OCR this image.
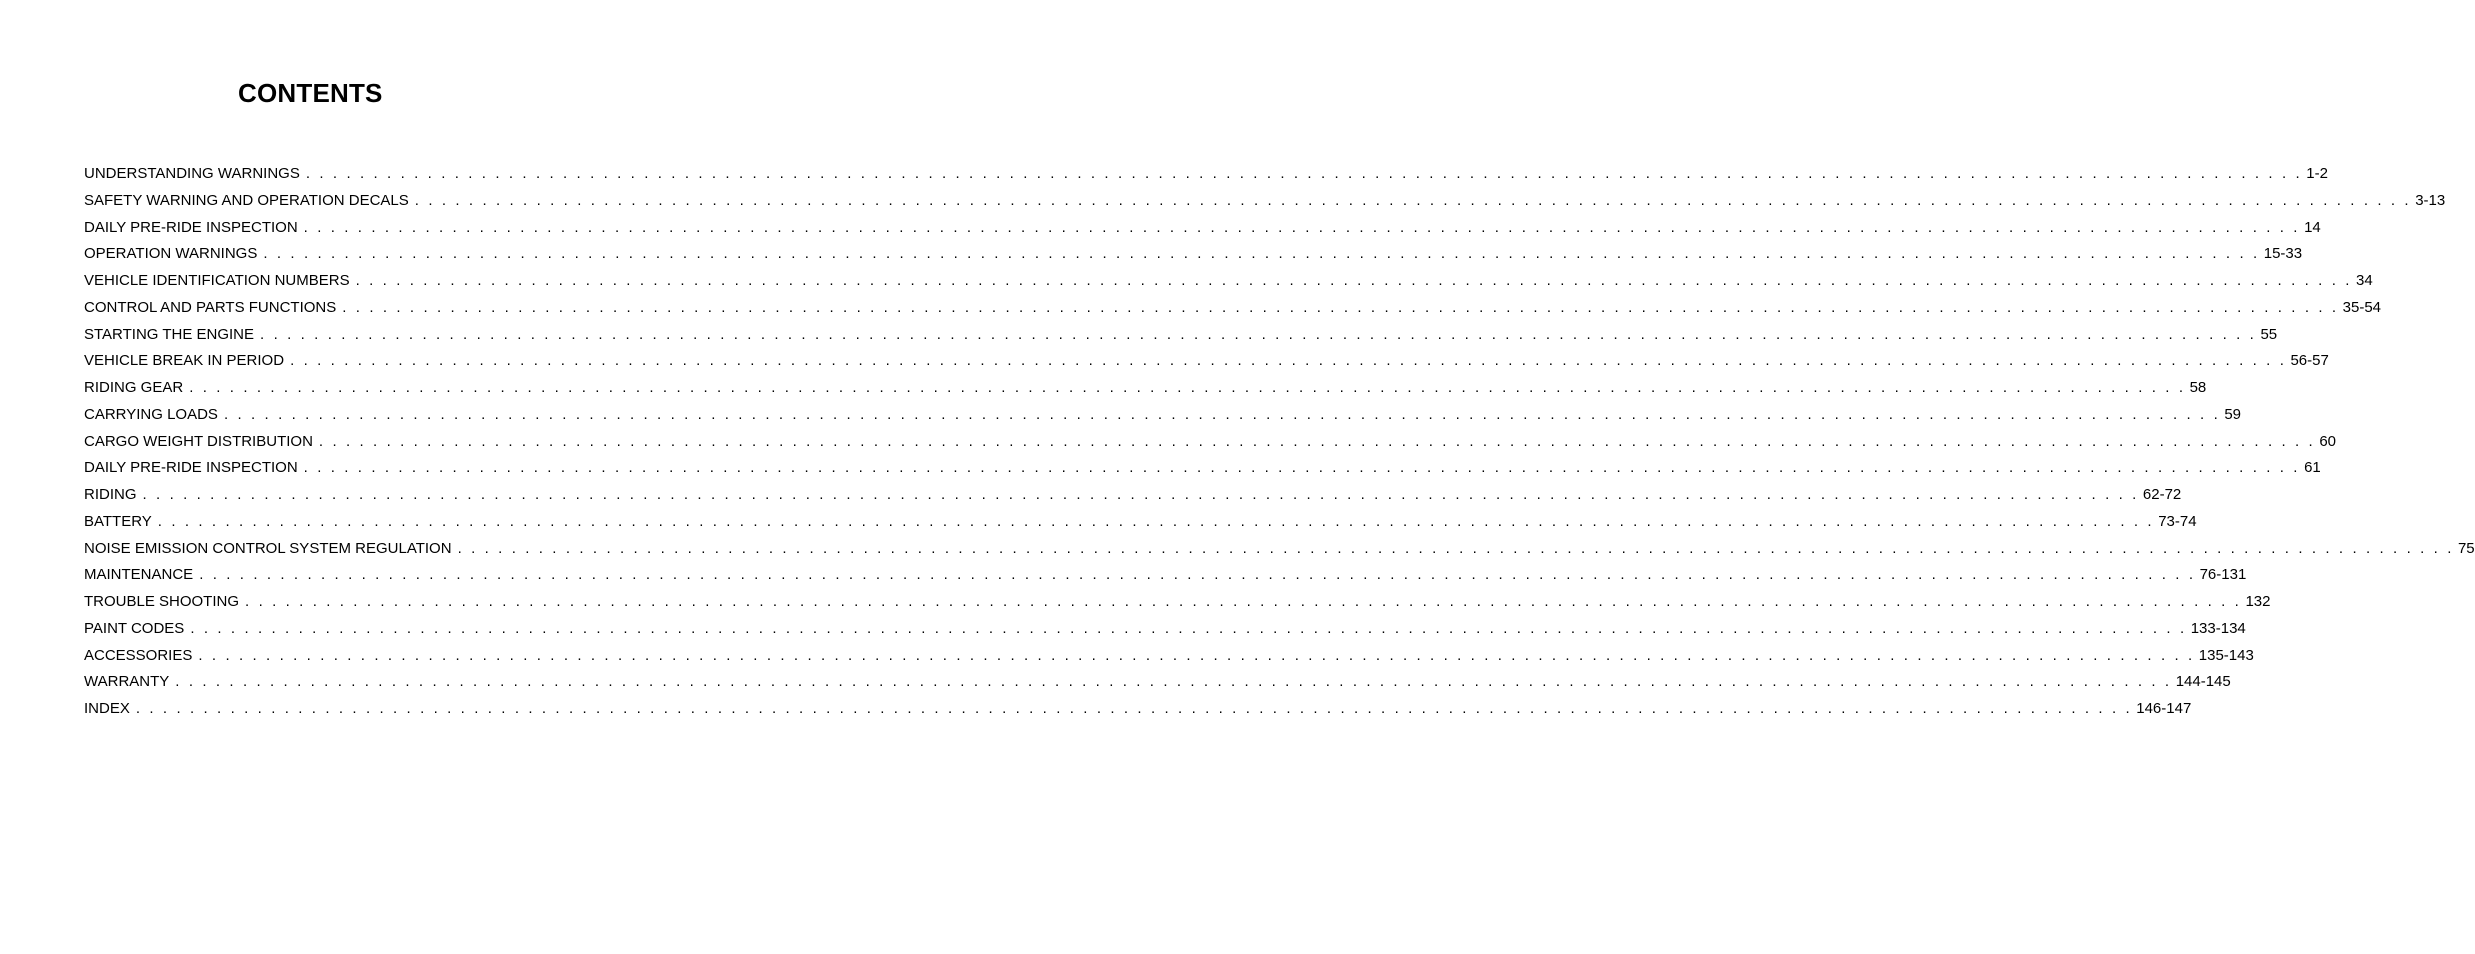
CONTENTS
UNDERSTANDING WARNINGS . . . . . . . . . . . . . . . . . . . . . . . . . . . . . . . . . . . . . . . . . . . . . . . . . . . . . . . . . . . . . . . . . . . . . . . . . . . . . . . . . . . . . . . . . . . . . . . . . . . . . . . . . . . . . . . . . . . . . . . . . . . . . . . . . . . . . . . . . . . . . . . . . . . . 1-2
SAFETY WARNING AND OPERATION DECALS . . . . . . . . . . . . . . . . . . . . . . . . . . . . . . . . . . . . . . . . . . . . . . . . . . . . . . . . . . . . . . . . . . . . . . . . . . . . . . . . . . . . . . . . . . . . . . . . . . . . . . . . . . . . . . . . . . . . . . . . . . . . . . . . . . . . . . . . . . . . . . . . . . . . 3-13
DAILY PRE-RIDE INSPECTION . . . . . . . . . . . . . . . . . . . . . . . . . . . . . . . . . . . . . . . . . . . . . . . . . . . . . . . . . . . . . . . . . . . . . . . . . . . . . . . . . . . . . . . . . . . . . . . . . . . . . . . . . . . . . . . . . . . . . . . . . . . . . . . . . . . . . . . . . . . . . . . . . . . . 14
OPERATION WARNINGS . . . . . . . . . . . . . . . . . . . . . . . . . . . . . . . . . . . . . . . . . . . . . . . . . . . . . . . . . . . . . . . . . . . . . . . . . . . . . . . . . . . . . . . . . . . . . . . . . . . . . . . . . . . . . . . . . . . . . . . . . . . . . . . . . . . . . . . . . . . . . . . . . . . . 15-33
VEHICLE IDENTIFICATION NUMBERS . . . . . . . . . . . . . . . . . . . . . . . . . . . . . . . . . . . . . . . . . . . . . . . . . . . . . . . . . . . . . . . . . . . . . . . . . . . . . . . . . . . . . . . . . . . . . . . . . . . . . . . . . . . . . . . . . . . . . . . . . . . . . . . . . . . . . . . . . . . . . . . . . . . . 34
CONTROL AND PARTS FUNCTIONS . . . . . . . . . . . . . . . . . . . . . . . . . . . . . . . . . . . . . . . . . . . . . . . . . . . . . . . . . . . . . . . . . . . . . . . . . . . . . . . . . . . . . . . . . . . . . . . . . . . . . . . . . . . . . . . . . . . . . . . . . . . . . . . . . . . . . . . . . . . . . . . . . . . . 35-54
STARTING THE ENGINE . . . . . . . . . . . . . . . . . . . . . . . . . . . . . . . . . . . . . . . . . . . . . . . . . . . . . . . . . . . . . . . . . . . . . . . . . . . . . . . . . . . . . . . . . . . . . . . . . . . . . . . . . . . . . . . . . . . . . . . . . . . . . . . . . . . . . . . . . . . . . . . . . . . . 55
VEHICLE BREAK IN PERIOD . . . . . . . . . . . . . . . . . . . . . . . . . . . . . . . . . . . . . . . . . . . . . . . . . . . . . . . . . . . . . . . . . . . . . . . . . . . . . . . . . . . . . . . . . . . . . . . . . . . . . . . . . . . . . . . . . . . . . . . . . . . . . . . . . . . . . . . . . . . . . . . . . . . . 56-57
RIDING GEAR . . . . . . . . . . . . . . . . . . . . . . . . . . . . . . . . . . . . . . . . . . . . . . . . . . . . . . . . . . . . . . . . . . . . . . . . . . . . . . . . . . . . . . . . . . . . . . . . . . . . . . . . . . . . . . . . . . . . . . . . . . . . . . . . . . . . . . . . . . . . . . . . . . . . 58
CARRYING LOADS . . . . . . . . . . . . . . . . . . . . . . . . . . . . . . . . . . . . . . . . . . . . . . . . . . . . . . . . . . . . . . . . . . . . . . . . . . . . . . . . . . . . . . . . . . . . . . . . . . . . . . . . . . . . . . . . . . . . . . . . . . . . . . . . . . . . . . . . . . . . . . . . . . . . 59
CARGO WEIGHT DISTRIBUTION . . . . . . . . . . . . . . . . . . . . . . . . . . . . . . . . . . . . . . . . . . . . . . . . . . . . . . . . . . . . . . . . . . . . . . . . . . . . . . . . . . . . . . . . . . . . . . . . . . . . . . . . . . . . . . . . . . . . . . . . . . . . . . . . . . . . . . . . . . . . . . . . . . . . 60
DAILY PRE-RIDE INSPECTION . . . . . . . . . . . . . . . . . . . . . . . . . . . . . . . . . . . . . . . . . . . . . . . . . . . . . . . . . . . . . . . . . . . . . . . . . . . . . . . . . . . . . . . . . . . . . . . . . . . . . . . . . . . . . . . . . . . . . . . . . . . . . . . . . . . . . . . . . . . . . . . . . . . . 61
RIDING . . . . . . . . . . . . . . . . . . . . . . . . . . . . . . . . . . . . . . . . . . . . . . . . . . . . . . . . . . . . . . . . . . . . . . . . . . . . . . . . . . . . . . . . . . . . . . . . . . . . . . . . . . . . . . . . . . . . . . . . . . . . . . . . . . . . . . . . . . . . . . . . . . . . 62-72
BATTERY . . . . . . . . . . . . . . . . . . . . . . . . . . . . . . . . . . . . . . . . . . . . . . . . . . . . . . . . . . . . . . . . . . . . . . . . . . . . . . . . . . . . . . . . . . . . . . . . . . . . . . . . . . . . . . . . . . . . . . . . . . . . . . . . . . . . . . . . . . . . . . . . . . . . 73-74
NOISE EMISSION CONTROL SYSTEM REGULATION . . . . . . . . . . . . . . . . . . . . . . . . . . . . . . . . . . . . . . . . . . . . . . . . . . . . . . . . . . . . . . . . . . . . . . . . . . . . . . . . . . . . . . . . . . . . . . . . . . . . . . . . . . . . . . . . . . . . . . . . . . . . . . . . . . . . . . . . . . . . . . . . . . . . 75
MAINTENANCE . . . . . . . . . . . . . . . . . . . . . . . . . . . . . . . . . . . . . . . . . . . . . . . . . . . . . . . . . . . . . . . . . . . . . . . . . . . . . . . . . . . . . . . . . . . . . . . . . . . . . . . . . . . . . . . . . . . . . . . . . . . . . . . . . . . . . . . . . . . . . . . . . . . . 76-131
TROUBLE SHOOTING . . . . . . . . . . . . . . . . . . . . . . . . . . . . . . . . . . . . . . . . . . . . . . . . . . . . . . . . . . . . . . . . . . . . . . . . . . . . . . . . . . . . . . . . . . . . . . . . . . . . . . . . . . . . . . . . . . . . . . . . . . . . . . . . . . . . . . . . . . . . . . . . . . . . 132
PAINT CODES . . . . . . . . . . . . . . . . . . . . . . . . . . . . . . . . . . . . . . . . . . . . . . . . . . . . . . . . . . . . . . . . . . . . . . . . . . . . . . . . . . . . . . . . . . . . . . . . . . . . . . . . . . . . . . . . . . . . . . . . . . . . . . . . . . . . . . . . . . . . . . . . . . . . 133-134
ACCESSORIES . . . . . . . . . . . . . . . . . . . . . . . . . . . . . . . . . . . . . . . . . . . . . . . . . . . . . . . . . . . . . . . . . . . . . . . . . . . . . . . . . . . . . . . . . . . . . . . . . . . . . . . . . . . . . . . . . . . . . . . . . . . . . . . . . . . . . . . . . . . . . . . . . . . . 135-143
WARRANTY . . . . . . . . . . . . . . . . . . . . . . . . . . . . . . . . . . . . . . . . . . . . . . . . . . . . . . . . . . . . . . . . . . . . . . . . . . . . . . . . . . . . . . . . . . . . . . . . . . . . . . . . . . . . . . . . . . . . . . . . . . . . . . . . . . . . . . . . . . . . . . . . . . . . 144-145
INDEX . . . . . . . . . . . . . . . . . . . . . . . . . . . . . . . . . . . . . . . . . . . . . . . . . . . . . . . . . . . . . . . . . . . . . . . . . . . . . . . . . . . . . . . . . . . . . . . . . . . . . . . . . . . . . . . . . . . . . . . . . . . . . . . . . . . . . . . . . . . . . . . . . . . . 146-147
